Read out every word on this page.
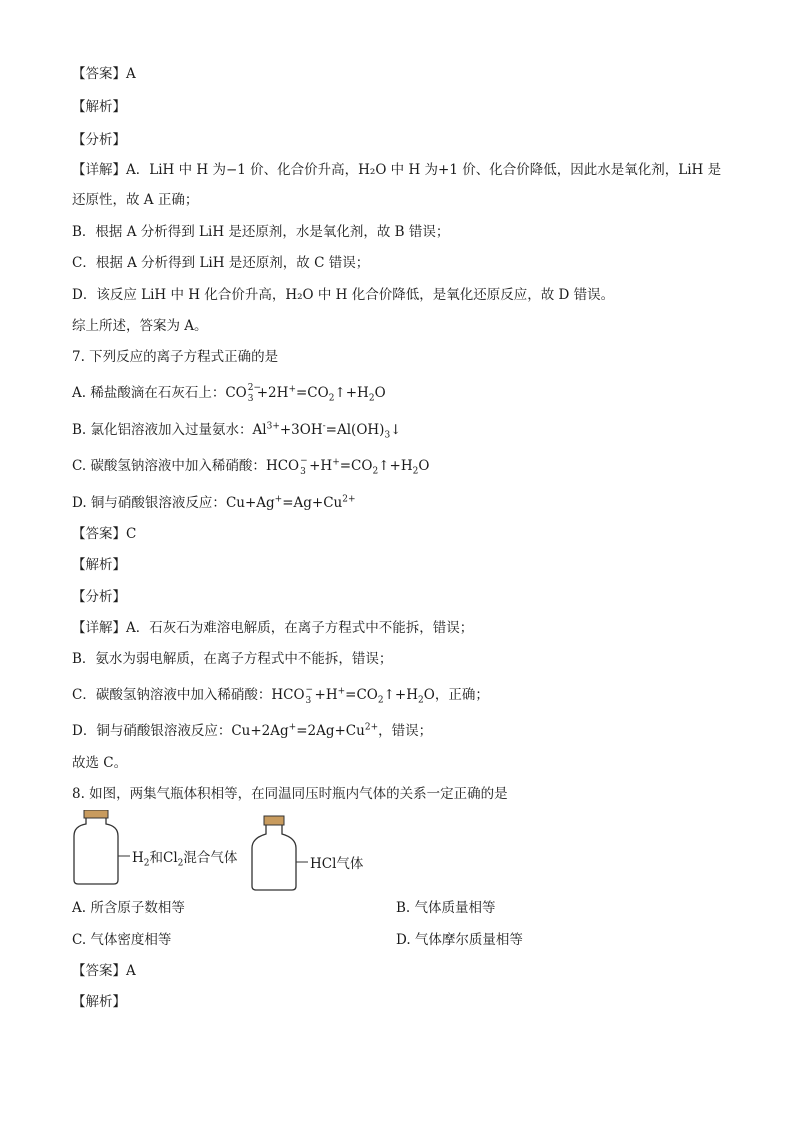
【答案】A
【解析】
【分析】
【详解】A．LiH 中 H 为−1 价、化合价升高，H₂O 中 H 为+1 价、化合价降低，因此水是氧化剂，LiH 是
还原性，故 A 正确；
B．根据 A 分析得到 LiH 是还原剂，水是氧化剂，故 B 错误；
C．根据 A 分析得到 LiH 是还原剂，故 C 错误；
D．该反应 LiH 中 H 化合价升高，H₂O 中 H 化合价降低，是氧化还原反应，故 D 错误。
综上所述，答案为 A。
7. 下列反应的离子方程式正确的是
A. 稀盐酸滴在石灰石上：CO 2−
$3 +2H^+=CO_2↑+H_2O$
B. 氯化铝溶液加入过量氨水：$Al^{3+}+3OH^-=Al(OH)_3↓$
C. 碳酸氢钠溶液中加入稀硝酸：HCO −
$3 +H^+=CO_2↑+H_2O$
D. 铜与硝酸银溶液反应：$Cu+Ag^+=Ag+Cu^{2+}$
【答案】C
【解析】
【分析】
【详解】A．石灰石为难溶电解质，在离子方程式中不能拆，错误；
B．氨水为弱电解质，在离子方程式中不能拆，错误；
C．碳酸氢钠溶液中加入稀硝酸：HCO −
$3 +H^+=CO_2↑+H_2O$，正确；
D．铜与硝酸银溶液反应：$Cu+2Ag^+=2Ag+Cu^{2+}$，错误；
故选 C。
8. 如图，两集气瓶体积相等，在同温同压时瓶内气体的关系一定正确的是
$H_2$和$Cl_2$混合气体	HCl气体
A. 所含原子数相等	B. 气体质量相等
C. 气体密度相等	D. 气体摩尔质量相等
【答案】A
【解析】
